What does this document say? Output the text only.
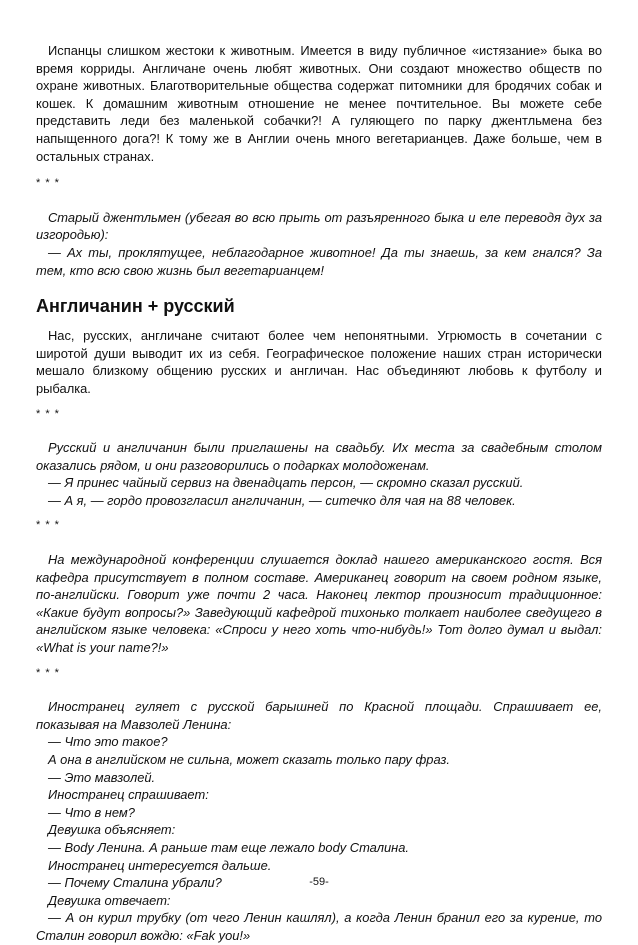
Испанцы слишком жестоки к животным. Имеется в виду публичное «истязание» быка во время корриды. Англичане очень любят животных. Они создают множество обществ по охране животных. Благотворительные общества содержат питомники для бродячих собак и кошек. К домашним животным отношение не менее почтительное. Вы можете себе представить леди без маленькой собачки?! А гуляющего по парку джентльмена без напыщенного дога?! К тому же в Англии очень много вегетарианцев. Даже больше, чем в остальных странах.

* * *

Старый джентльмен (убегая во всю прыть от разъяренного быка и еле переводя дух за изгородью):

— Ах ты, проклятущее, неблагодарное животное! Да ты знаешь, за кем гнался? За тем, кто всю свою жизнь был вегетарианцем!

Англичанин + русский

Нас, русских, англичане считают более чем непонятными. Угрюмость в сочетании с широтой души выводит их из себя. Географическое положение наших стран исторически мешало близкому общению русских и англичан. Нас объединяют любовь к футболу и рыбалка.

* * *

Русский и англичанин были приглашены на свадьбу. Их места за свадебным столом оказались рядом, и они разговорились о подарках молодоженам.

— Я принес чайный сервиз на двенадцать персон, — скромно сказал русский.

— А я, — гордо провозгласил англичанин, — ситечко для чая на 88 человек.

* * *

На международной конференции слушается доклад нашего американского гостя. Вся кафедра присутствует в полном составе. Американец говорит на своем родном языке, по-английски. Говорит уже почти 2 часа. Наконец лектор произносит традиционное: «Какие будут вопросы?» Заведующий кафедрой тихонько толкает наиболее сведущего в английском языке человека: «Спроси у него хоть что-нибудь!» Тот долго думал и выдал: «What is your name?!»

* * *

Иностранец гуляет с русской барышней по Красной площади. Спрашивает ее, показывая на Мавзолей Ленина:

— Что это такое?

А она в английском не сильна, может сказать только пару фраз.

— Это мавзолей.

Иностранец спрашивает:

— Что в нем?

Девушка объясняет:

— Body Ленина. А раньше там еще лежало body Сталина.

Иностранец интересуется дальше.

— Почему Сталина убрали?

Девушка отвечает:

— А он курил трубку (от чего Ленин кашлял), а когда Ленин бранил его за курение, то Сталин говорил вождю: «Fak you!»

-59-
